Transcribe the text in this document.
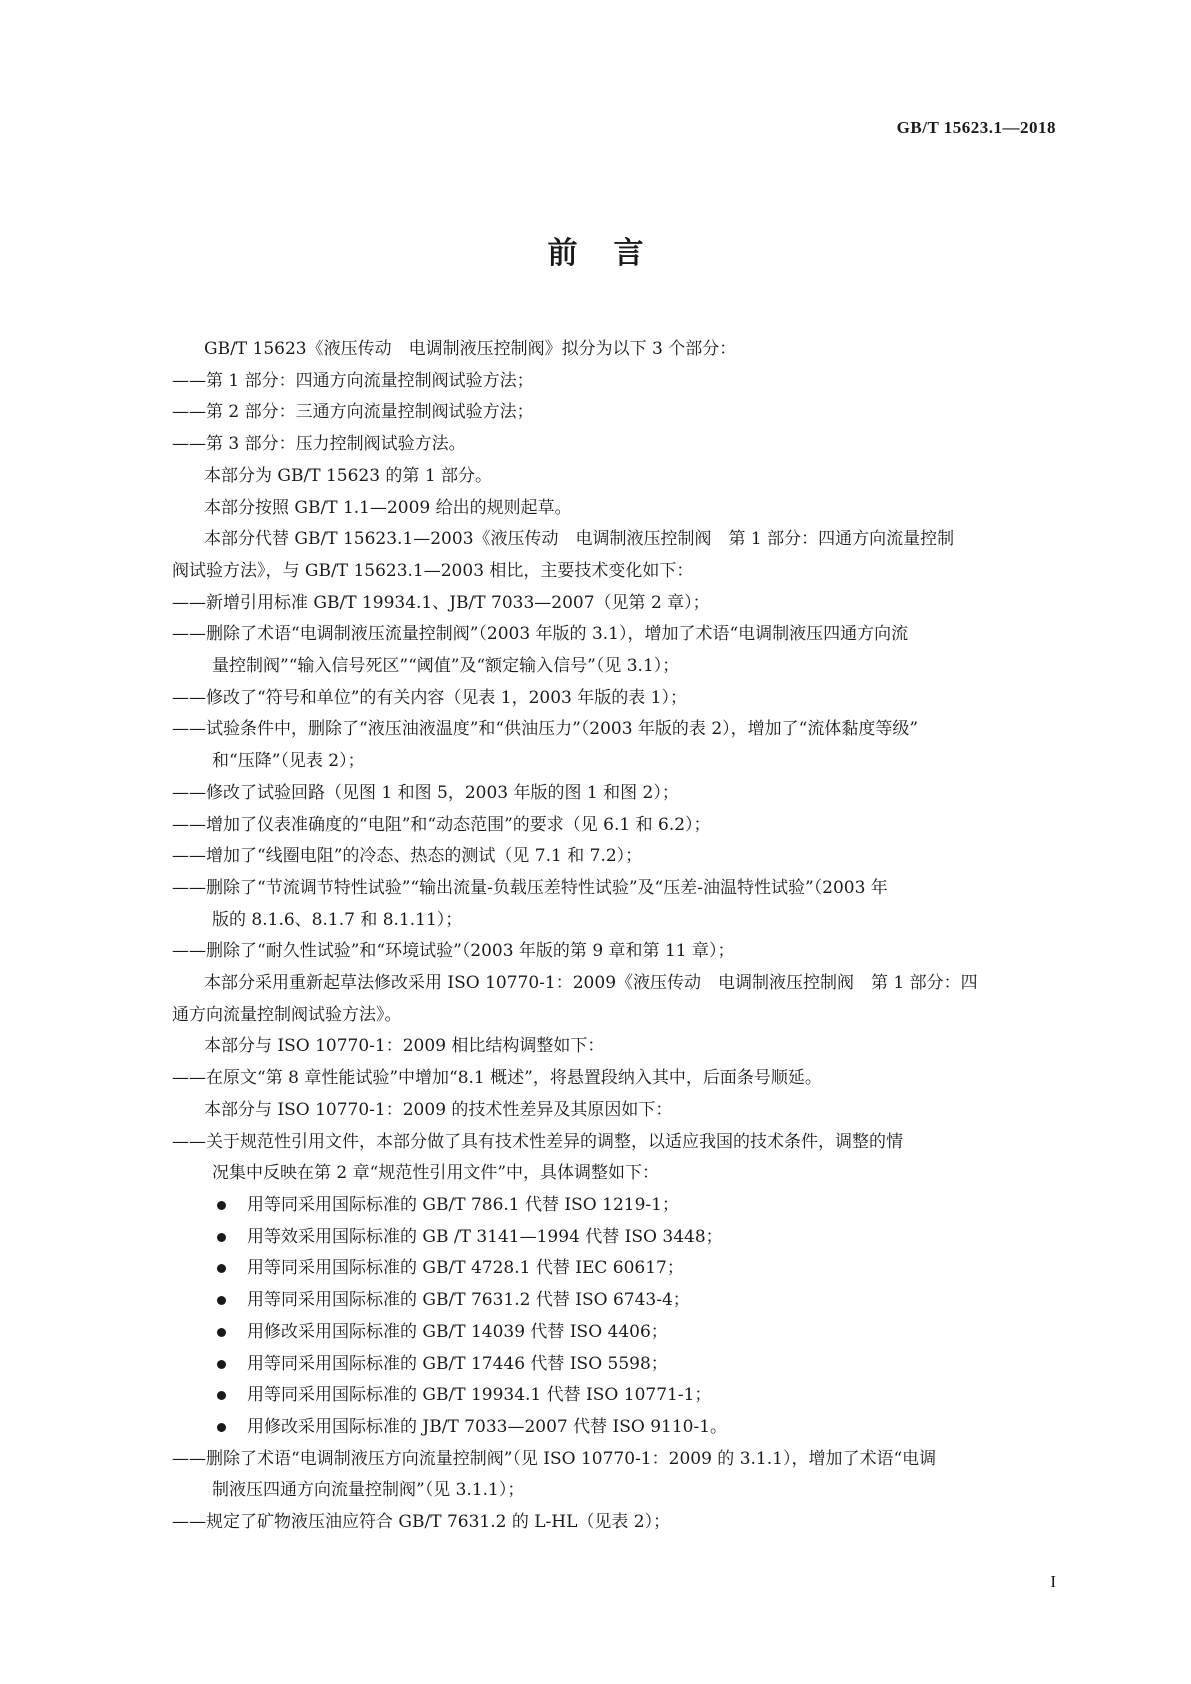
GB/T 15623.1—2018
前言

GB/T 15623《液压传动　电调制液压控制阀》拟分为以下 3 个部分：

——第 1 部分：四通方向流量控制阀试验方法；

——第 2 部分：三通方向流量控制阀试验方法；

——第 3 部分：压力控制阀试验方法。

本部分为 GB/T 15623 的第 1 部分。

本部分按照 GB/T 1.1—2009 给出的规则起草。

本部分代替 GB/T 15623.1—2003《液压传动　电调制液压控制阀　第 1 部分：四通方向流量控制

阀试验方法》，与 GB/T 15623.1—2003 相比，主要技术变化如下：

——新增引用标准 GB/T 19934.1、JB/T 7033—2007（见第 2 章）；

——删除了术语“电调制液压流量控制阀”（2003 年版的 3.1），增加了术语“电调制液压四通方向流

量控制阀”“输入信号死区”“阈值”及“额定输入信号”（见 3.1）；

——修改了“符号和单位”的有关内容（见表 1，2003 年版的表 1）；

——试验条件中，删除了“液压油液温度”和“供油压力”（2003 年版的表 2），增加了“流体黏度等级”

和“压降”（见表 2）；

——修改了试验回路（见图 1 和图 5，2003 年版的图 1 和图 2）；

——增加了仪表准确度的“电阻”和“动态范围”的要求（见 6.1 和 6.2）；

——增加了“线圈电阻”的冷态、热态的测试（见 7.1 和 7.2）；

——删除了“节流调节特性试验”“输出流量-负载压差特性试验”及“压差-油温特性试验”（2003 年

版的 8.1.6、8.1.7 和 8.1.11）；

——删除了“耐久性试验”和“环境试验”（2003 年版的第 9 章和第 11 章）；

本部分采用重新起草法修改采用 ISO 10770-1：2009《液压传动　电调制液压控制阀　第 1 部分：四

通方向流量控制阀试验方法》。

本部分与 ISO 10770-1：2009 相比结构调整如下：

——在原文“第 8 章性能试验”中增加“8.1 概述”，将悬置段纳入其中，后面条号顺延。

本部分与 ISO 10770-1：2009 的技术性差异及其原因如下：

——关于规范性引用文件，本部分做了具有技术性差异的调整，以适应我国的技术条件，调整的情

况集中反映在第 2 章“规范性引用文件”中，具体调整如下：

用等同采用国际标准的 GB/T 786.1 代替 ISO 1219-1；

用等效采用国际标准的 GB /T 3141—1994 代替 ISO 3448；

用等同采用国际标准的 GB/T 4728.1 代替 IEC 60617；

用等同采用国际标准的 GB/T 7631.2 代替 ISO 6743-4；

用修改采用国际标准的 GB/T 14039 代替 ISO 4406；

用等同采用国际标准的 GB/T 17446 代替 ISO 5598；

用等同采用国际标准的 GB/T 19934.1 代替 ISO 10771-1；

用修改采用国际标准的 JB/T 7033—2007 代替 ISO 9110-1。

——删除了术语“电调制液压方向流量控制阀”（见 ISO 10770-1：2009 的 3.1.1），增加了术语“电调

制液压四通方向流量控制阀”（见 3.1.1）；

——规定了矿物液压油应符合 GB/T 7631.2 的 L-HL（见表 2）；

I
